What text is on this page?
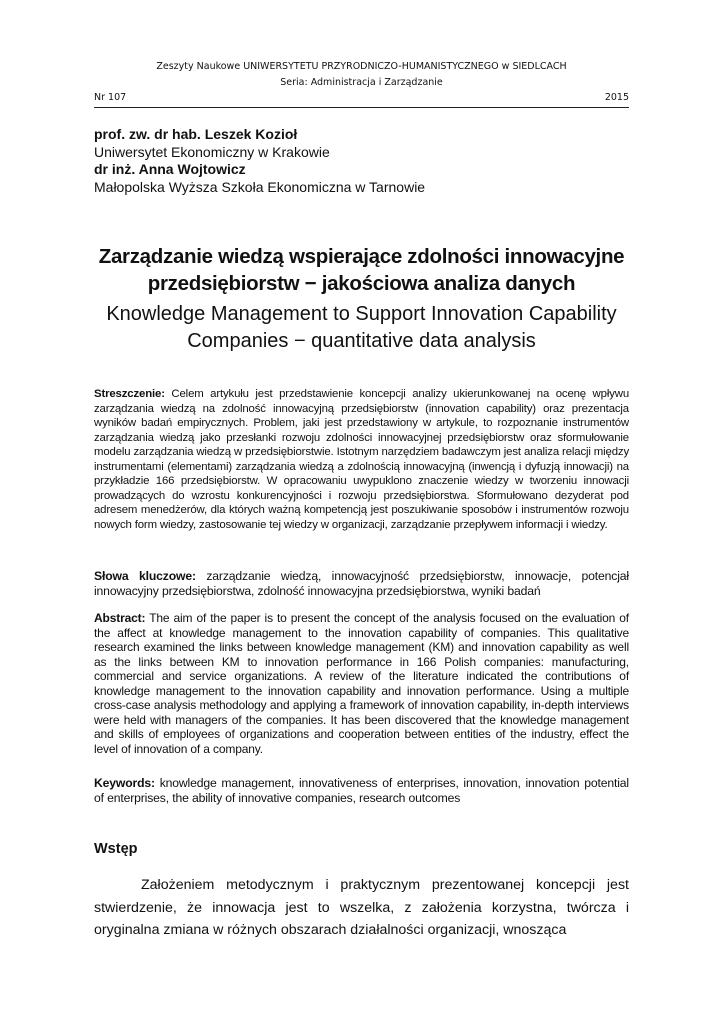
Zeszyty Naukowe UNIWERSYTETU PRZYRODNICZO-HUMANISTYCZNEGO w SIEDLCACH
Seria: Administracja i Zarządzanie
Nr 107	2015
prof. zw. dr hab. Leszek Kozioł
Uniwersytet Ekonomiczny w Krakowie
dr inż. Anna Wojtowicz
Małopolska Wyższa Szkoła Ekonomiczna w Tarnowie
Zarządzanie wiedzą wspierające zdolności innowacyjne przedsiębiorstw − jakościowa analiza danych
Knowledge Management to Support Innovation Capability Companies − quantitative data analysis

Streszczenie: Celem artykułu jest przedstawienie koncepcji analizy ukierunkowanej na ocenę wpływu zarządzania wiedzą na zdolność innowacyjną przedsiębiorstw (innovation capability) oraz prezentacja wyników badań empirycznych. Problem, jaki jest przedstawiony w artykule, to rozpoznanie instrumentów zarządzania wiedzą jako przesłanki rozwoju zdolności innowacyjnej przedsiębiorstw oraz sformułowanie modelu zarządzania wiedzą w przedsiębiorstwie. Istotnym narzędziem badawczym jest analiza relacji między instrumentami (elementami) zarządzania wiedzą a zdolnością innowacyjną (inwencją i dyfuzją innowacji) na przykładzie 166 przedsiębiorstw. W opracowaniu uwypuklono znaczenie wiedzy w tworzeniu innowacji prowadzących do wzrostu konkurencyjności i rozwoju przedsiębiorstwa. Sformułowano dezyderat pod adresem menedżerów, dla których ważną kompetencją jest poszukiwanie sposobów i instrumentów rozwoju nowych form wiedzy, zastosowanie tej wiedzy w organizacji, zarządzanie przepływem informacji i wiedzy.

Słowa kluczowe: zarządzanie wiedzą, innowacyjność przedsiębiorstw, innowacje, potencjał innowacyjny przedsiębiorstwa, zdolność innowacyjna przedsiębiorstwa, wyniki badań

Abstract: The aim of the paper is to present the concept of the analysis focused on the evaluation of the affect at knowledge management to the innovation capability of companies. This qualitative research examined the links between knowledge management (KM) and innovation capability as well as the links between KM to innovation performance in 166 Polish companies: manufacturing, commercial and service organizations. A review of the literature indicated the contributions of knowledge management to the innovation capability and innovation performance. Using a multiple cross-case analysis methodology and applying a framework of innovation capability, in-depth interviews were held with managers of the companies. It has been discovered that the knowledge management and skills of employees of organizations and cooperation between entities of the industry, effect the level of innovation of a company.

Keywords: knowledge management, innovativeness of enterprises, innovation, innovation potential of enterprises, the ability of innovative companies, research outcomes

Wstęp

Założeniem metodycznym i praktycznym prezentowanej koncepcji jest stwierdzenie, że innowacja jest to wszelka, z założenia korzystna, twórcza i oryginalna zmiana w różnych obszarach działalności organizacji, wnosząca
